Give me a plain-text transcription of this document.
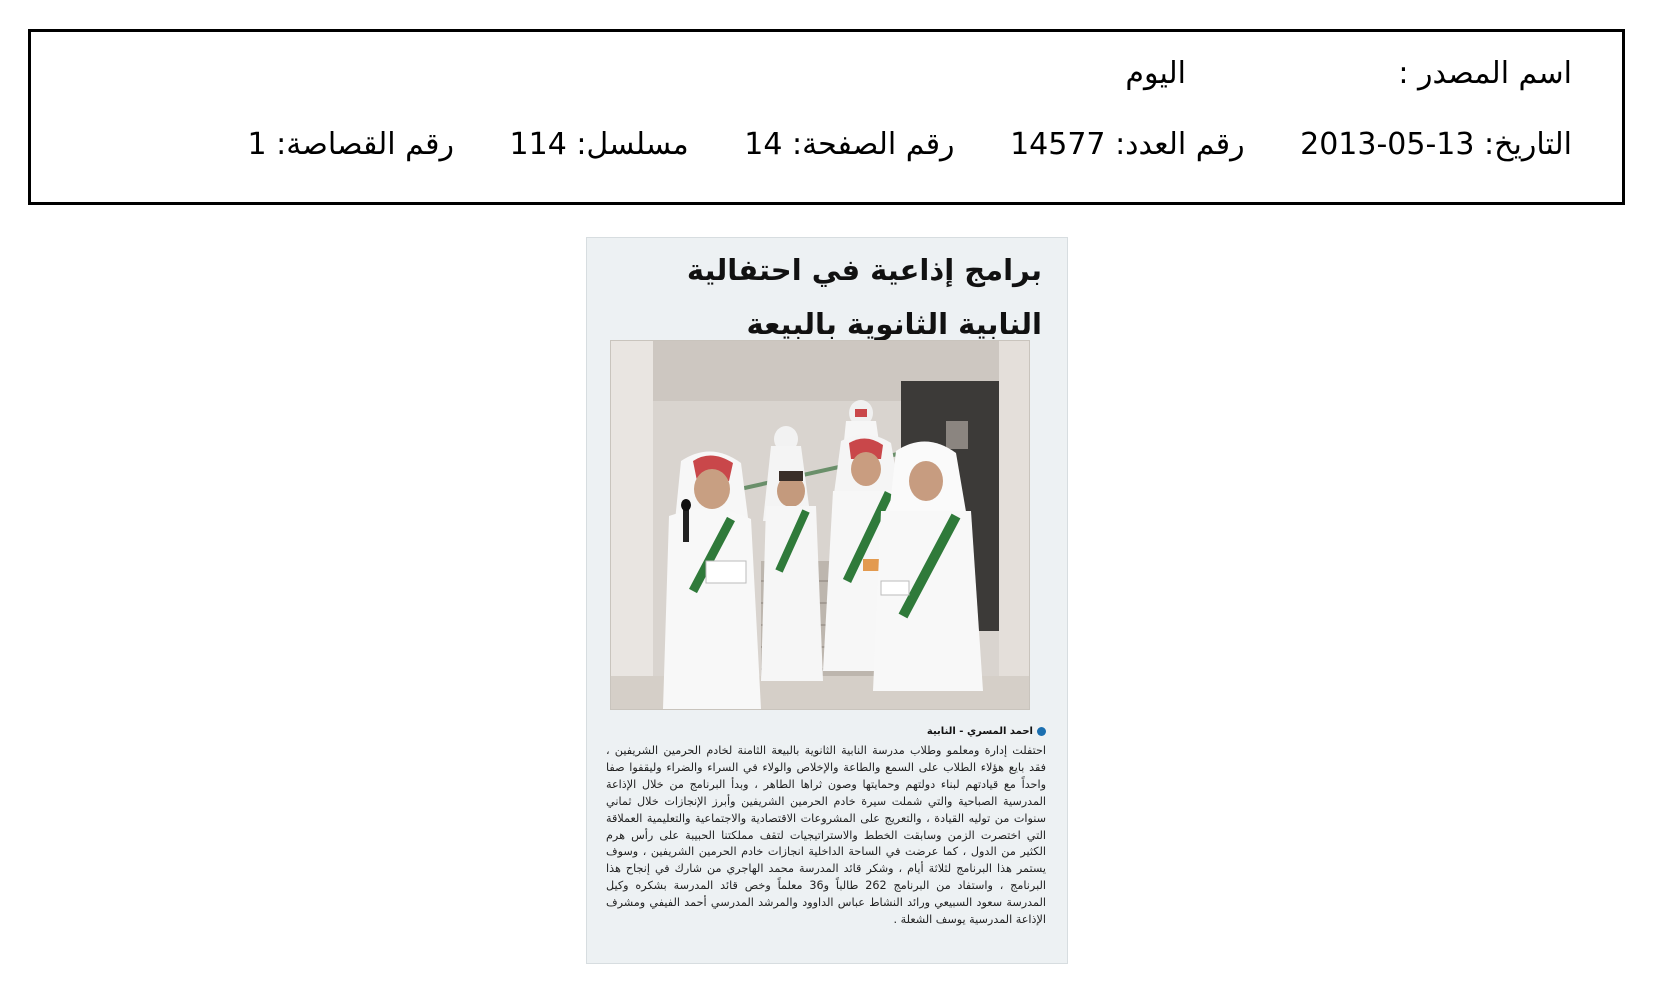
اسم المصدر :اليوم
التاريخ: 2013-05-13 رقم العدد: 14577 رقم الصفحة: 14 مسلسل: 114 رقم القصاصة: 1
برامج إذاعية في احتفالية النابية الثانوية بالبيعة
احمد المسري - النابية
احتفلت إدارة ومعلمو وطلاب مدرسة النابية الثانوية بالبيعة الثامنة لخادم الحرمين الشريفين ، فقد بايع هؤلاء الطلاب على السمع والطاعة والإخلاص والولاء في السراء والضراء وليقفوا صفا واحداً مع قيادتهم لبناء دولتهم وحمايتها وصون ثراها الطاهر ، وبدأ البرنامج من خلال الإذاعة المدرسية الصباحية والتي شملت سيرة خادم الحرمين الشريفين وأبرز الإنجازات خلال ثماني سنوات من توليه القيادة ، والتعريج على المشروعات الاقتصادية والاجتماعية والتعليمية العملاقة التي اختصرت الزمن وسابقت الخطط والاستراتيجيات لتقف مملكتنا الحبيبة على رأس هرم الكثير من الدول ، كما عرضت في الساحة الداخلية انجازات خادم الحرمين الشريفين ، وسوف يستمر هذا البرنامج لثلاثة أيام ، وشكر قائد المدرسة محمد الهاجري من شارك في إنجاح هذا البرنامج ، واستفاد من البرنامج 262 طالباً و36 معلماً وخص قائد المدرسة بشكره وكيل المدرسة سعود السبيعي ورائد النشاط عباس الداوود والمرشد المدرسي أحمد الفيفي ومشرف الإذاعة المدرسية يوسف الشعلة .
